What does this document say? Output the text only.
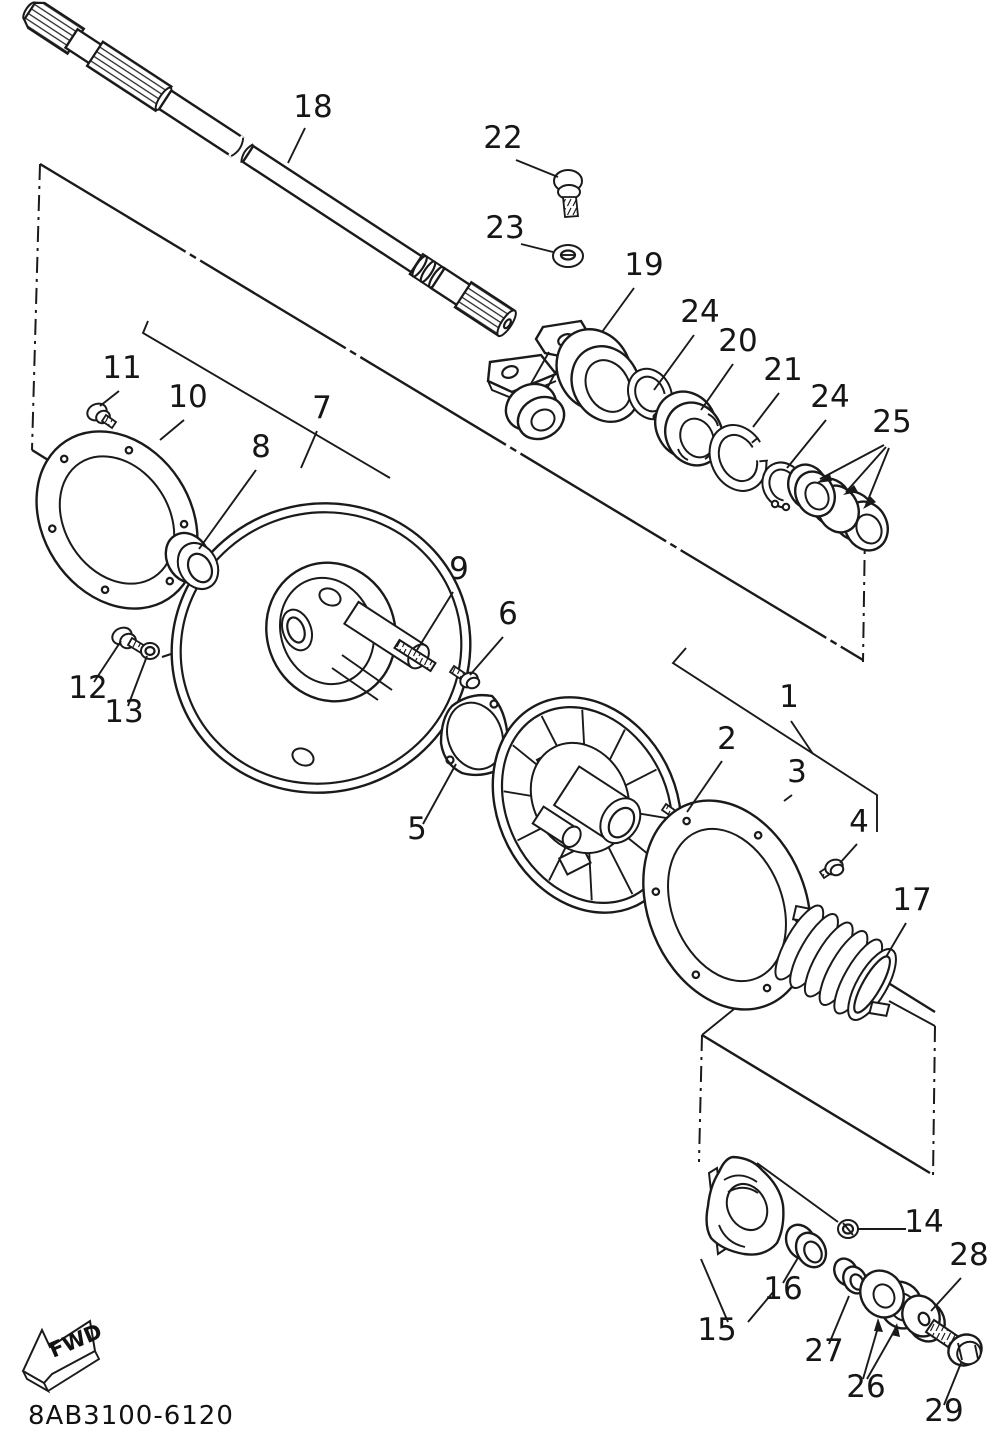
18
22
23
19
24
20
21
24
25
11
10	7
8
9
6
12
13
5
1
2
3
4
17
14
16
15
27
26
28
29
FWD
8AB3100-6120
